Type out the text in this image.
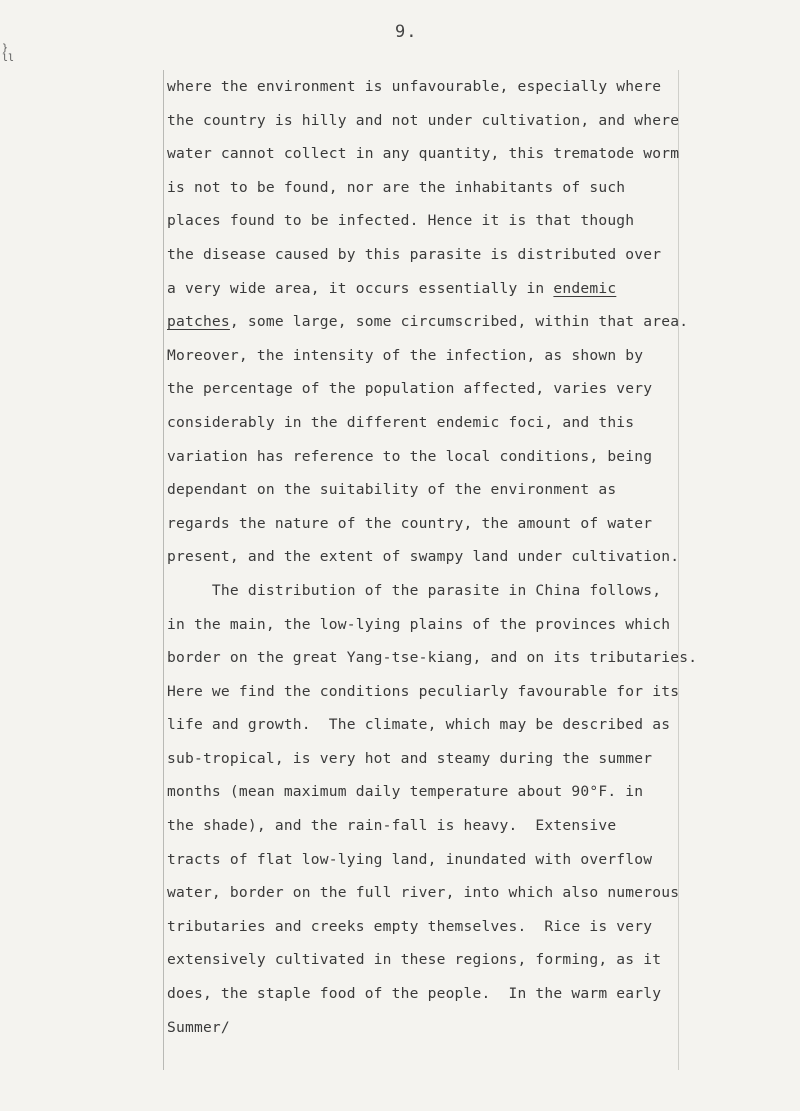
}
ll
9.
where the environment is unfavourable, especially where
the country is hilly and not under cultivation, and where
water cannot collect in any quantity, this trematode worm
is not to be found, nor are the inhabitants of such
places found to be infected. Hence it is that though
the disease caused by this parasite is distributed over
a very wide area, it occurs essentially in endemic
patches, some large, some circumscribed, within that area.
Moreover, the intensity of the infection, as shown by
the percentage of the population affected, varies very
considerably in the different endemic foci, and this
variation has reference to the local conditions, being
dependant on the suitability of the environment as
regards the nature of the country, the amount of water
present, and the extent of swampy land under cultivation.
The distribution of the parasite in China follows,
in the main, the low-lying plains of the provinces which
border on the great Yang-tse-kiang, and on its tributaries.
Here we find the conditions peculiarly favourable for its
life and growth.  The climate, which may be described as
sub-tropical, is very hot and steamy during the summer
months (mean maximum daily temperature about 90°F. in
the shade), and the rain-fall is heavy.  Extensive
tracts of flat low-lying land, inundated with overflow
water, border on the full river, into which also numerous
tributaries and creeks empty themselves.  Rice is very
extensively cultivated in these regions, forming, as it
does, the staple food of the people.  In the warm early
Summer/
